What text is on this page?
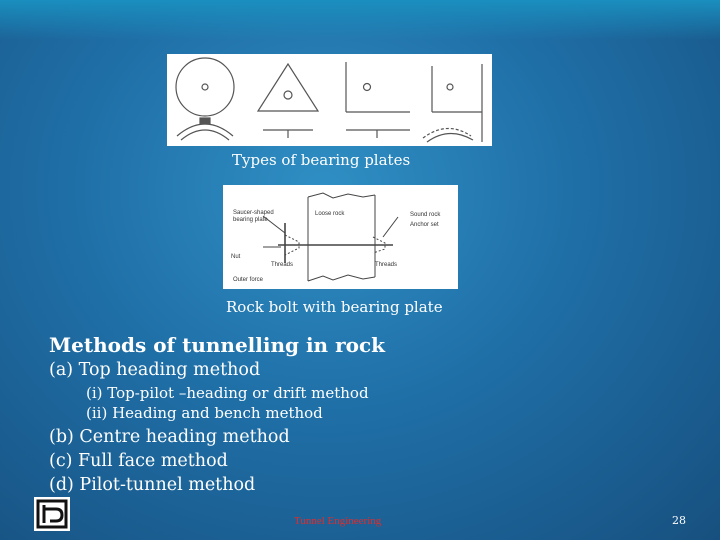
Types of bearing plates
Saucer-shaped
bearing plate
Loose rock	Sound rock
Anchor set
Nut
Threads	Threads
Outer force
Rock bolt with bearing plate
Methods of tunnelling in rock
(a) Top heading method
(i) Top-pilot –heading or drift method
(ii) Heading and bench method
(b) Centre heading method
(c) Full face method
(d) Pilot-tunnel method
Tunnel Engineering	28
